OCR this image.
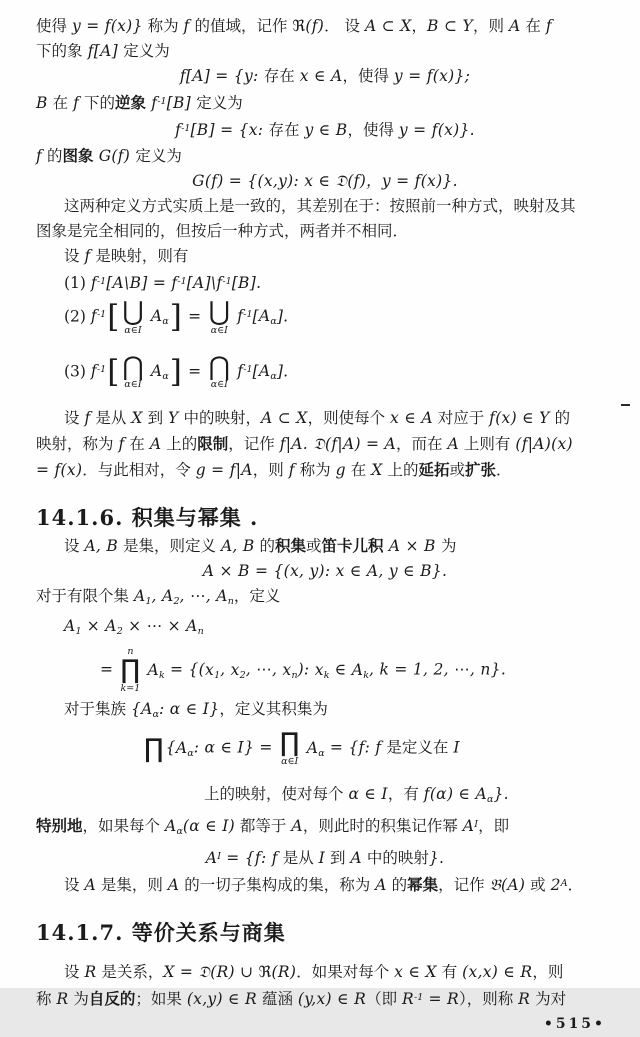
使得 y = f(x)} 称为 f 的值域，记作 ℜ(f)． 设 A ⊂ X，B ⊂ Y，则 A 在 f
下的象 f[A] 定义为
f[A] = {y: 存在 x ∈ A，使得 y = f(x)};
B 在 f 下的逆象 $f^{-1}[B]$ 定义为
$f^{-1}[B] = \{x$: 存在 y ∈ B，使得 y = f(x)}.
f 的图象 G(f) 定义为
G(f) = {(x,y): x ∈ 𝔇(f)，y = f(x)}.
这两种定义方式实质上是一致的，其差别在于：按照前一种方式，映射及其
图象是完全相同的，但按后一种方式，两者并不相同．
设 f 是映射，则有
(1) $f^{-1}[A\backslash B]$ = $f^{-1}[A]\backslash f^{-1}[B]$.
(2) $f^{-1}$[ ⋃
α∈I
$A_\alpha$] = ⋃
α∈I
$f^{-1}[A_\alpha]$.
(3) $f^{-1}$[ ⋂
α∈I
$A_\alpha$] = ⋂
α∈I
$f^{-1}[A_\alpha]$.
设 f 是从 X 到 Y 中的映射，A ⊂ X，则使每个 x ∈ A 对应于 f(x) ∈ Y 的
映射，称为 f 在 A 上的限制，记作 f|A. 𝔇(f|A) = A，而在 A 上则有 (f|A)(x)
= f(x)．与此相对，令 g = f|A，则 f 称为 g 在 X 上的延拓或扩张．
14.1.6. 积集与幂集 .
设 A, B 是集，则定义 A, B 的积集或笛卡儿积 A × B 为
A × B = {(x, y): x ∈ A, y ∈ B}.
对于有限个集 $A_1$, $A_2$, ⋯, $A_n$，定义
$A_1 \times A_2$ × ⋯ × $A_n$
=
n
∏
k=1
$A_k = \{(x_1$, $x_2$, ⋯, $x_n$): $x_k$ ∈ $A_k$, k = 1, 2, ⋯, n}.
对于集族 {$A_\alpha$: α ∈ I}，定义其积集为
∏ {$A_\alpha$: α ∈ I} = ∏
α∈I
$A_\alpha = \{f$: f 是定义在 I
上的映射，使对每个 α ∈ I，有 f(α) ∈ $A_\alpha$}.
特别地，如果每个 $A_\alpha(\alpha$ ∈ I) 都等于 A，则此时的积集记作幂 $A^I$，即
$A^I = \{f$: f 是从 I 到 A 中的映射}.
设 A 是集，则 A 的一切子集构成的集，称为 A 的幂集，记作 𝔅(A) 或 $2^A$．
14.1.7. 等价关系与商集
设 R 是关系，X = 𝔇(R) ∪ ℜ(R)．如果对每个 x ∈ X 有 (x,x) ∈ R，则
称 R 为自反的；如果 (x,y) ∈ R 蕴涵 (y,x) ∈ R（即 $R^{-1} = R$），则称 R 为对
•515•
